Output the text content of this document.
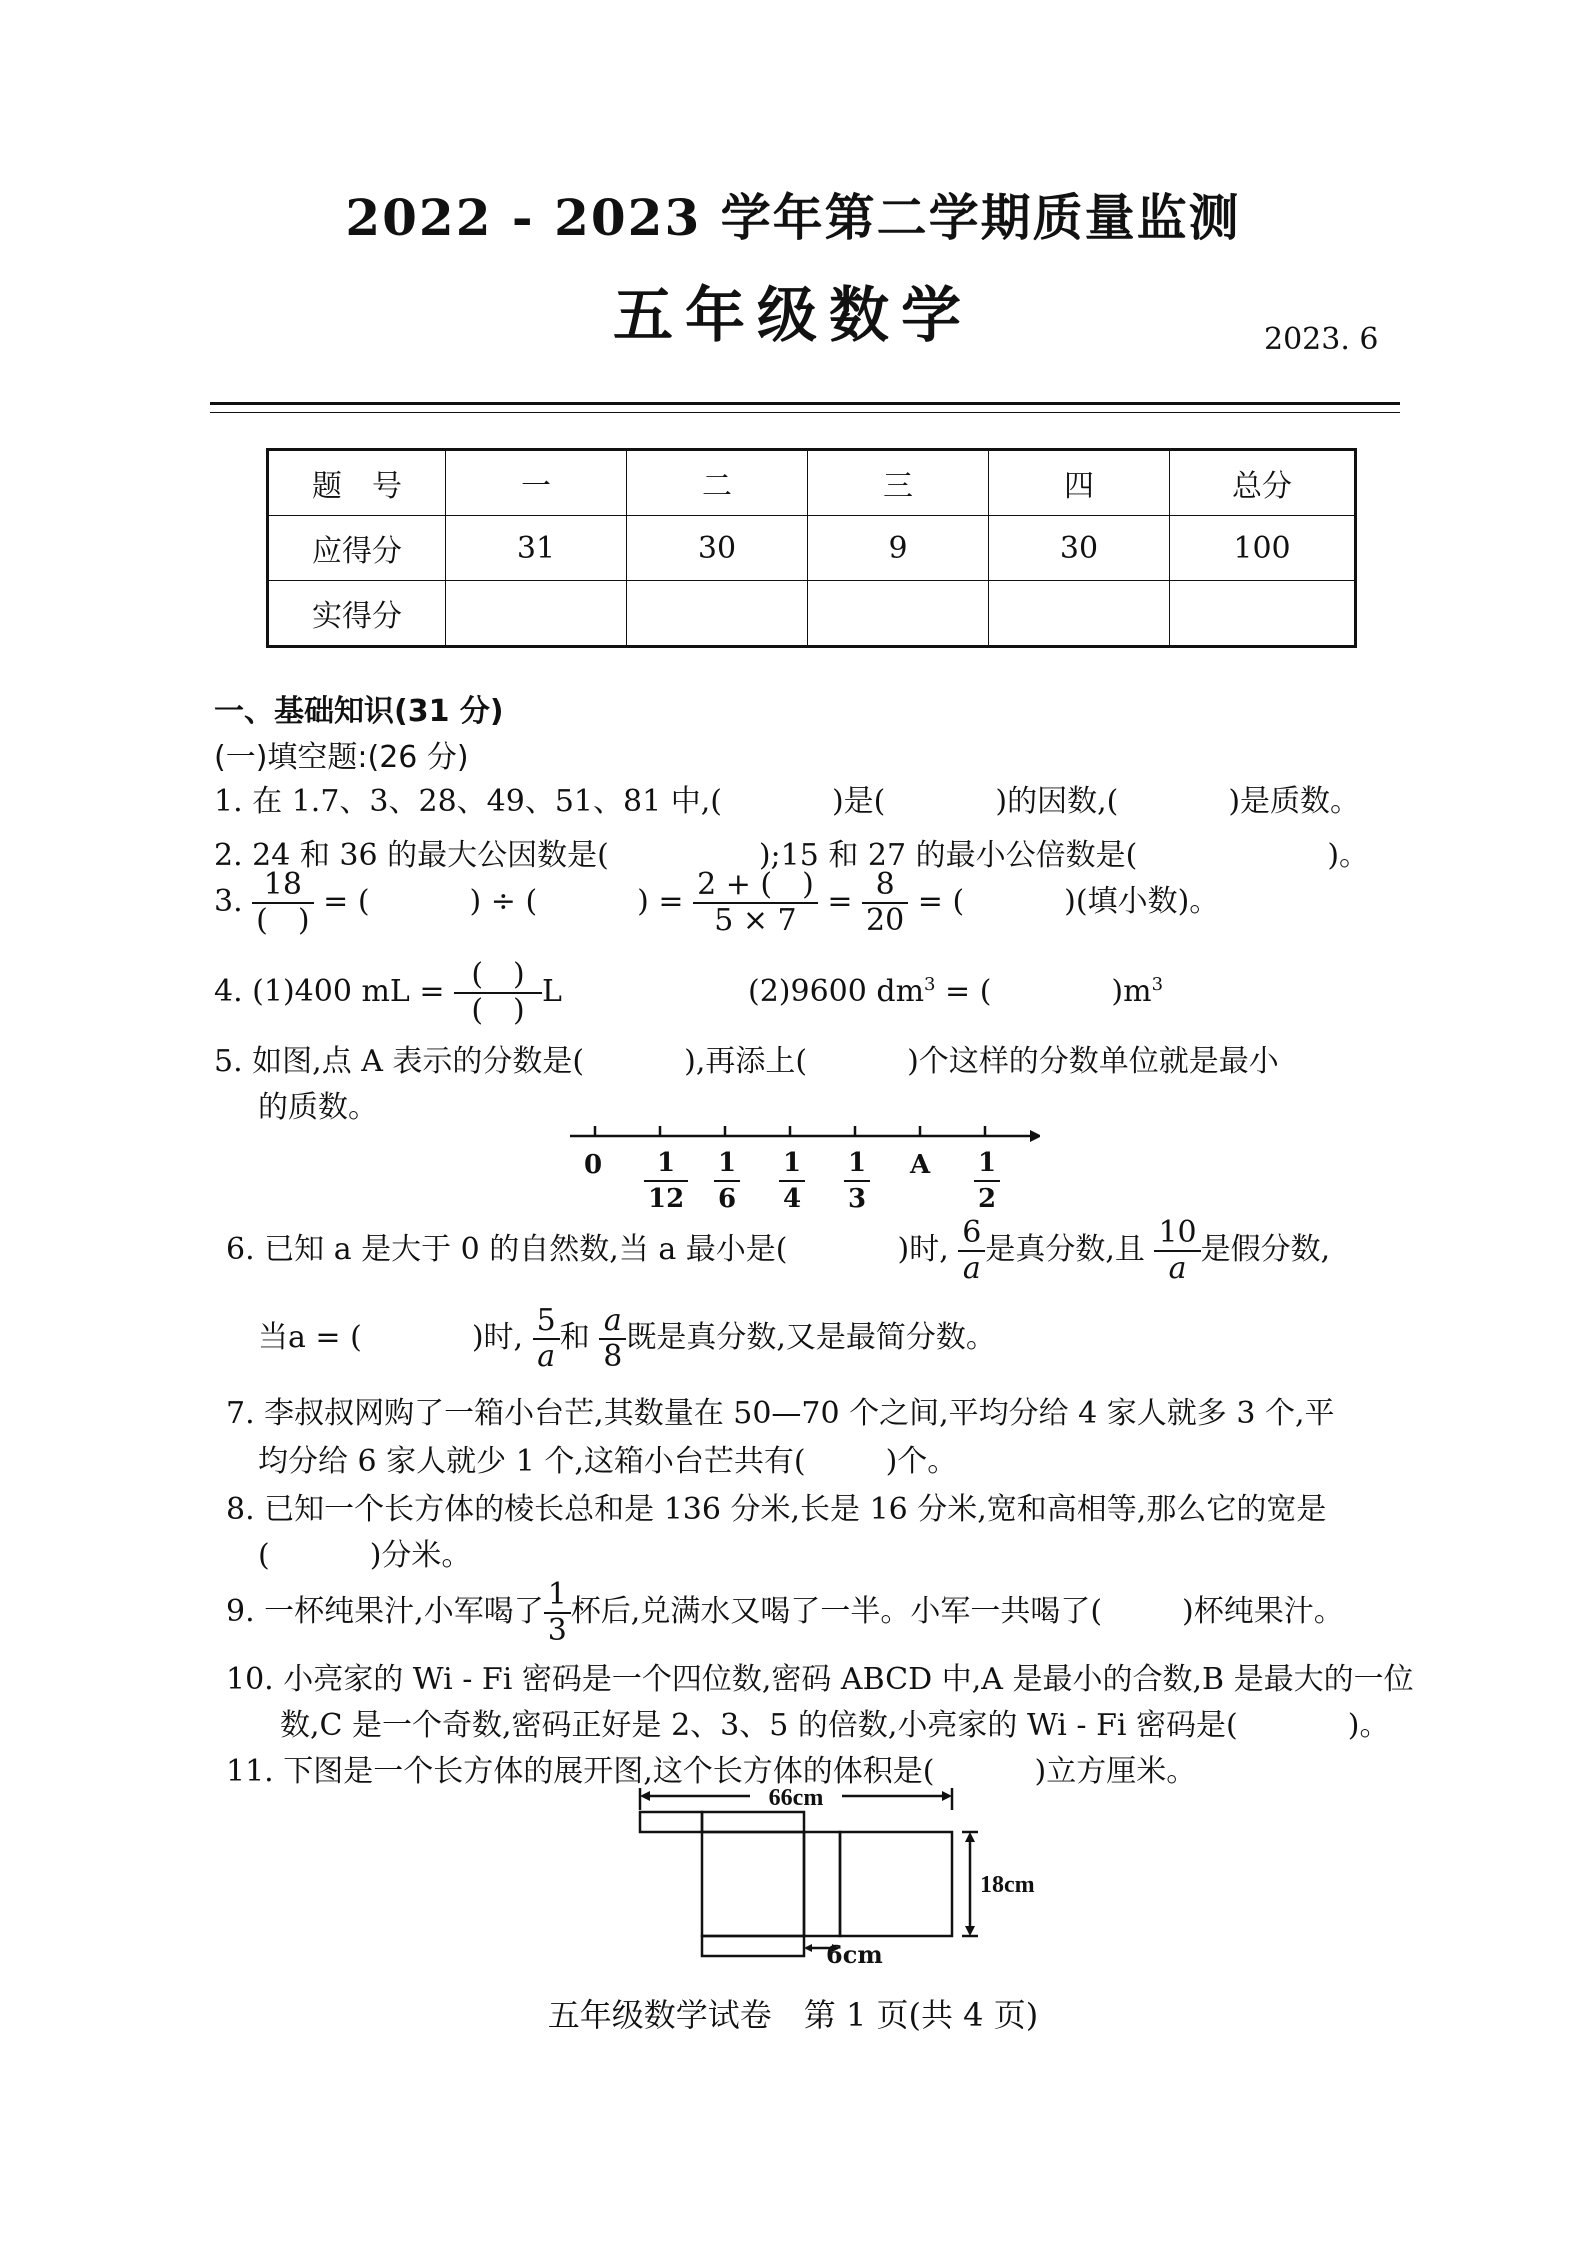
2022 - 2023 学年第二学期质量监测
五年级数学	2023. 6
题　号	一	二	三	四	总分
应得分	31	30	9	30	100
实得分					
一、基础知识(31 分)
(一)填空题:(26 分)
1. 在 1.7、3、28、49、51、81 中,(	)是(	)的因数,(	)是质数。
2. 24 和 36 的最大公因数是(	);15 和 27 的最小公倍数是(	)。
3. $\frac{18}{( )}$ = (	) ÷ (	) = $\frac{2 + ( )}{5 \times 7} = \frac{8}{20}$ = (	)(填小数)。
4. (1)400 mL = $\frac{( )}{( )}$ L	(2)9600 $dm^3$ = (	)$m^3$
5. 如图,点 A 表示的分数是(	),再添上(	)个这样的分数单位就是最小
的质数。
$0 \frac{1}{12} \frac{1}{6} \frac{1}{4} \frac{1}{3}$ A $\frac{1}{2}$
6. 已知 a 是大于 0 的自然数,当 a 最小是(	)时, $\frac{6}{a}$ 是真分数,且 $\frac{10}{a}$ 是假分数,
当a = (	)时, $\frac{5}{a}$ 和 $\frac{a}{8}$ 既是真分数,又是最简分数。
7. 李叔叔网购了一箱小台芒,其数量在 50—70 个之间,平均分给 4 家人就多 3 个,平
均分给 6 家人就少 1 个,这箱小台芒共有(	)个。
8. 已知一个长方体的棱长总和是 136 分米,长是 16 分米,宽和高相等,那么它的宽是
(	)分米。
9. 一杯纯果汁,小军喝了 $\frac{1}{3}$ 杯后,兑满水又喝了一半。小军一共喝了(	)杯纯果汁。
10. 小亮家的 Wi - Fi 密码是一个四位数,密码 ABCD 中,A 是最小的合数,B 是最大的一位
数,C 是一个奇数,密码正好是 2、3、5 的倍数,小亮家的 Wi - Fi 密码是(	)。
11. 下图是一个长方体的展开图,这个长方体的体积是(	)立方厘米。
66cm
18cm
6cm
五年级数学试卷　第 1 页(共 4 页)
